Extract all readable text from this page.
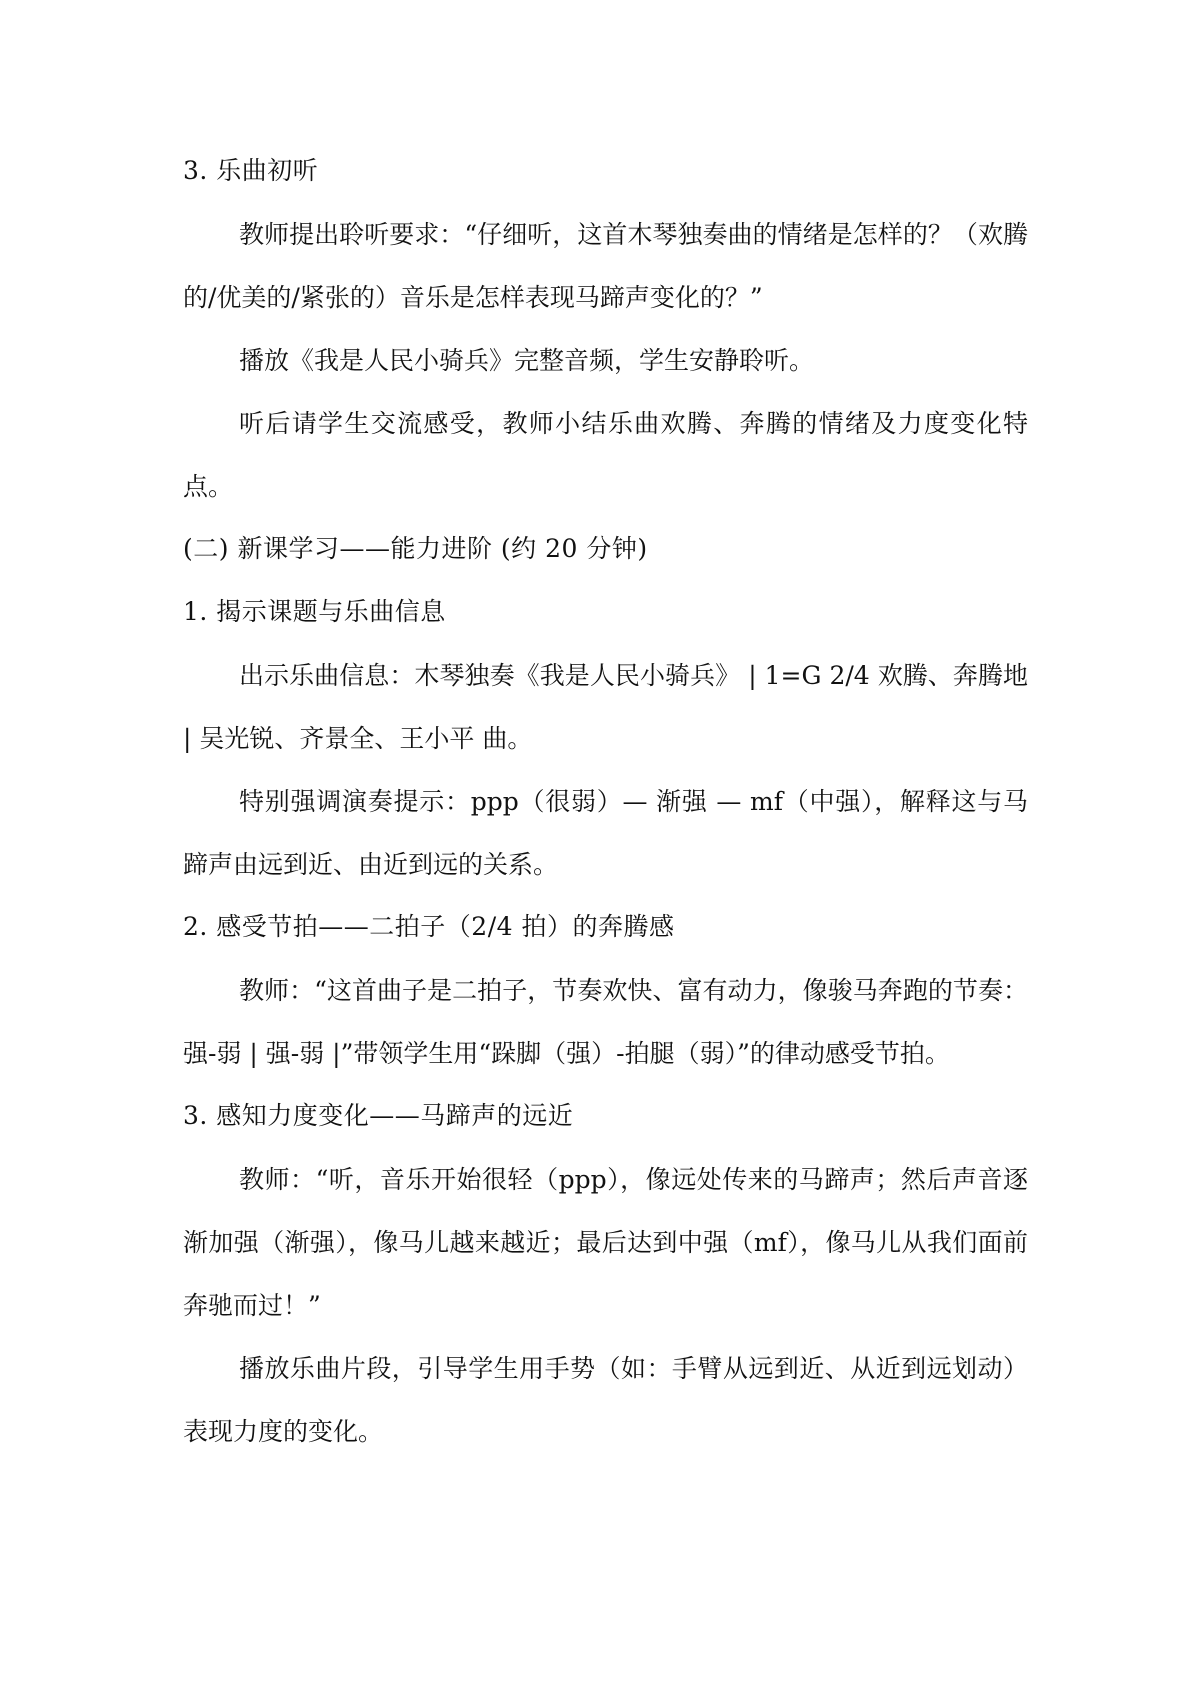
3. 乐曲初听

教师提出聆听要求：“仔细听，这首木琴独奏曲的情绪是怎样的？（欢腾的/优美的/紧张的）音乐是怎样表现马蹄声变化的？”

播放《我是人民小骑兵》完整音频，学生安静聆听。

听后请学生交流感受，教师小结乐曲欢腾、奔腾的情绪及力度变化特点。

(二) 新课学习——能力进阶 (约 20 分钟)
1. 揭示课题与乐曲信息

出示乐曲信息：木琴独奏《我是人民小骑兵》 | 1=G 2/4 欢腾、奔腾地 | 吴光锐、齐景全、王小平 曲。

特别强调演奏提示：ppp（很弱）— 渐强 — mf（中强），解释这与马蹄声由远到近、由近到远的关系。

2. 感受节拍——二拍子（2/4 拍）的奔腾感

教师：“这首曲子是二拍子，节奏欢快、富有动力，像骏马奔跑的节奏：强-弱 | 强-弱 |”带领学生用“跺脚（强）-拍腿（弱）”的律动感受节拍。

3. 感知力度变化——马蹄声的远近

教师：“听，音乐开始很轻（ppp），像远处传来的马蹄声；然后声音逐渐加强（渐强），像马儿越来越近；最后达到中强（mf），像马儿从我们面前奔驰而过！”

播放乐曲片段，引导学生用手势（如：手臂从远到近、从近到远划动）表现力度的变化。
